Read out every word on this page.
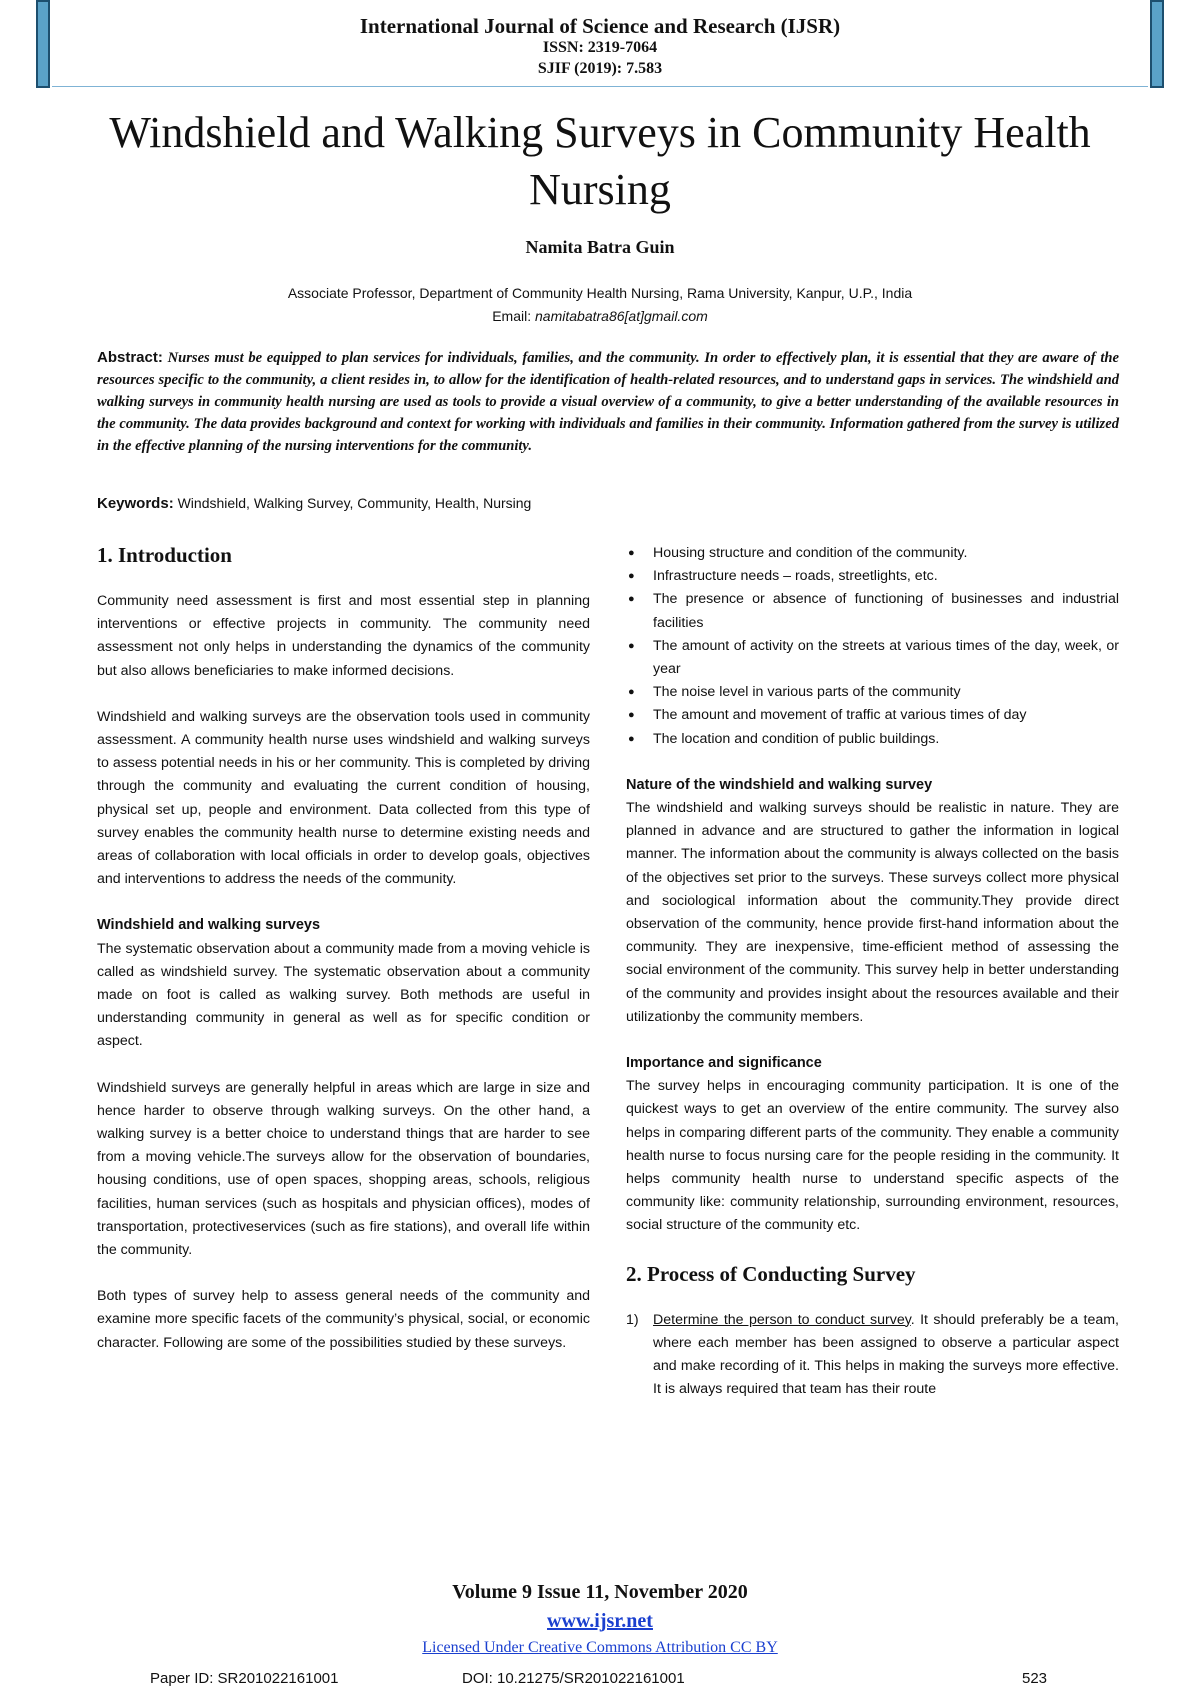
International Journal of Science and Research (IJSR)
ISSN: 2319-7064
SJIF (2019): 7.583
Windshield and Walking Surveys in Community Health Nursing
Namita Batra Guin
Associate Professor, Department of Community Health Nursing, Rama University, Kanpur, U.P., India
Email: namitabatra86[at]gmail.com
Abstract: Nurses must be equipped to plan services for individuals, families, and the community. In order to effectively plan, it is essential that they are aware of the resources specific to the community, a client resides in, to allow for the identification of health-related resources, and to understand gaps in services. The windshield and walking surveys in community health nursing are used as tools to provide a visual overview of a community, to give a better understanding of the available resources in the community. The data provides background and context for working with individuals and families in their community. Information gathered from the survey is utilized in the effective planning of the nursing interventions for the community.
Keywords: Windshield, Walking Survey, Community, Health, Nursing
1. Introduction

Community need assessment is first and most essential step in planning interventions or effective projects in community. The community need assessment not only helps in understanding the dynamics of the community but also allows beneficiaries to make informed decisions.

Windshield and walking surveys are the observation tools used in community assessment. A community health nurse uses windshield and walking surveys to assess potential needs in his or her community. This is completed by driving through the community and evaluating the current condition of housing, physical set up, people and environment. Data collected from this type of survey enables the community health nurse to determine existing needs and areas of collaboration with local officials in order to develop goals, objectives and interventions to address the needs of the community.

Windshield and walking surveys

The systematic observation about a community made from a moving vehicle is called as windshield survey. The systematic observation about a community made on foot is called as walking survey. Both methods are useful in understanding community in general as well as for specific condition or aspect.

Windshield surveys are generally helpful in areas which are large in size and hence harder to observe through walking surveys. On the other hand, a walking survey is a better choice to understand things that are harder to see from a moving vehicle.The surveys allow for the observation of boundaries, housing conditions, use of open spaces, shopping areas, schools, religious facilities, human services (such as hospitals and physician offices), modes of transportation, protectiveservices (such as fire stations), and overall life within the community.

Both types of survey help to assess general needs of the community and examine more specific facets of the community’s physical, social, or economic character. Following are some of the possibilities studied by these surveys.

● Housing structure and condition of the community.
● Infrastructure needs – roads, streetlights, etc.
● The presence or absence of functioning of businesses and industrial facilities
● The amount of activity on the streets at various times of the day, week, or year
● The noise level in various parts of the community
● The amount and movement of traffic at various times of day
● The location and condition of public buildings.
Nature of the windshield and walking survey

The windshield and walking surveys should be realistic in nature. They are planned in advance and are structured to gather the information in logical manner. The information about the community is always collected on the basis of the objectives set prior to the surveys. These surveys collect more physical and sociological information about the community.They provide direct observation of the community, hence provide first-hand information about the community. They are inexpensive, time-efficient method of assessing the social environment of the community. This survey help in better understanding of the community and provides insight about the resources available and their utilizationby the community members.

Importance and significance

The survey helps in encouraging community participation. It is one of the quickest ways to get an overview of the entire community. The survey also helps in comparing different parts of the community. They enable a community health nurse to focus nursing care for the people residing in the community. It helps community health nurse to understand specific aspects of the community like: community relationship, surrounding environment, resources, social structure of the community etc.

2. Process of Conducting Survey
1) Determine the person to conduct survey. It should preferably be a team, where each member has been assigned to observe a particular aspect and make recording of it. This helps in making the surveys more effective. It is always required that team has their route
Volume 9 Issue 11, November 2020
www.ijsr.net
Licensed Under Creative Commons Attribution CC BY
Paper ID: SR201022161001	DOI: 10.21275/SR201022161001	523
